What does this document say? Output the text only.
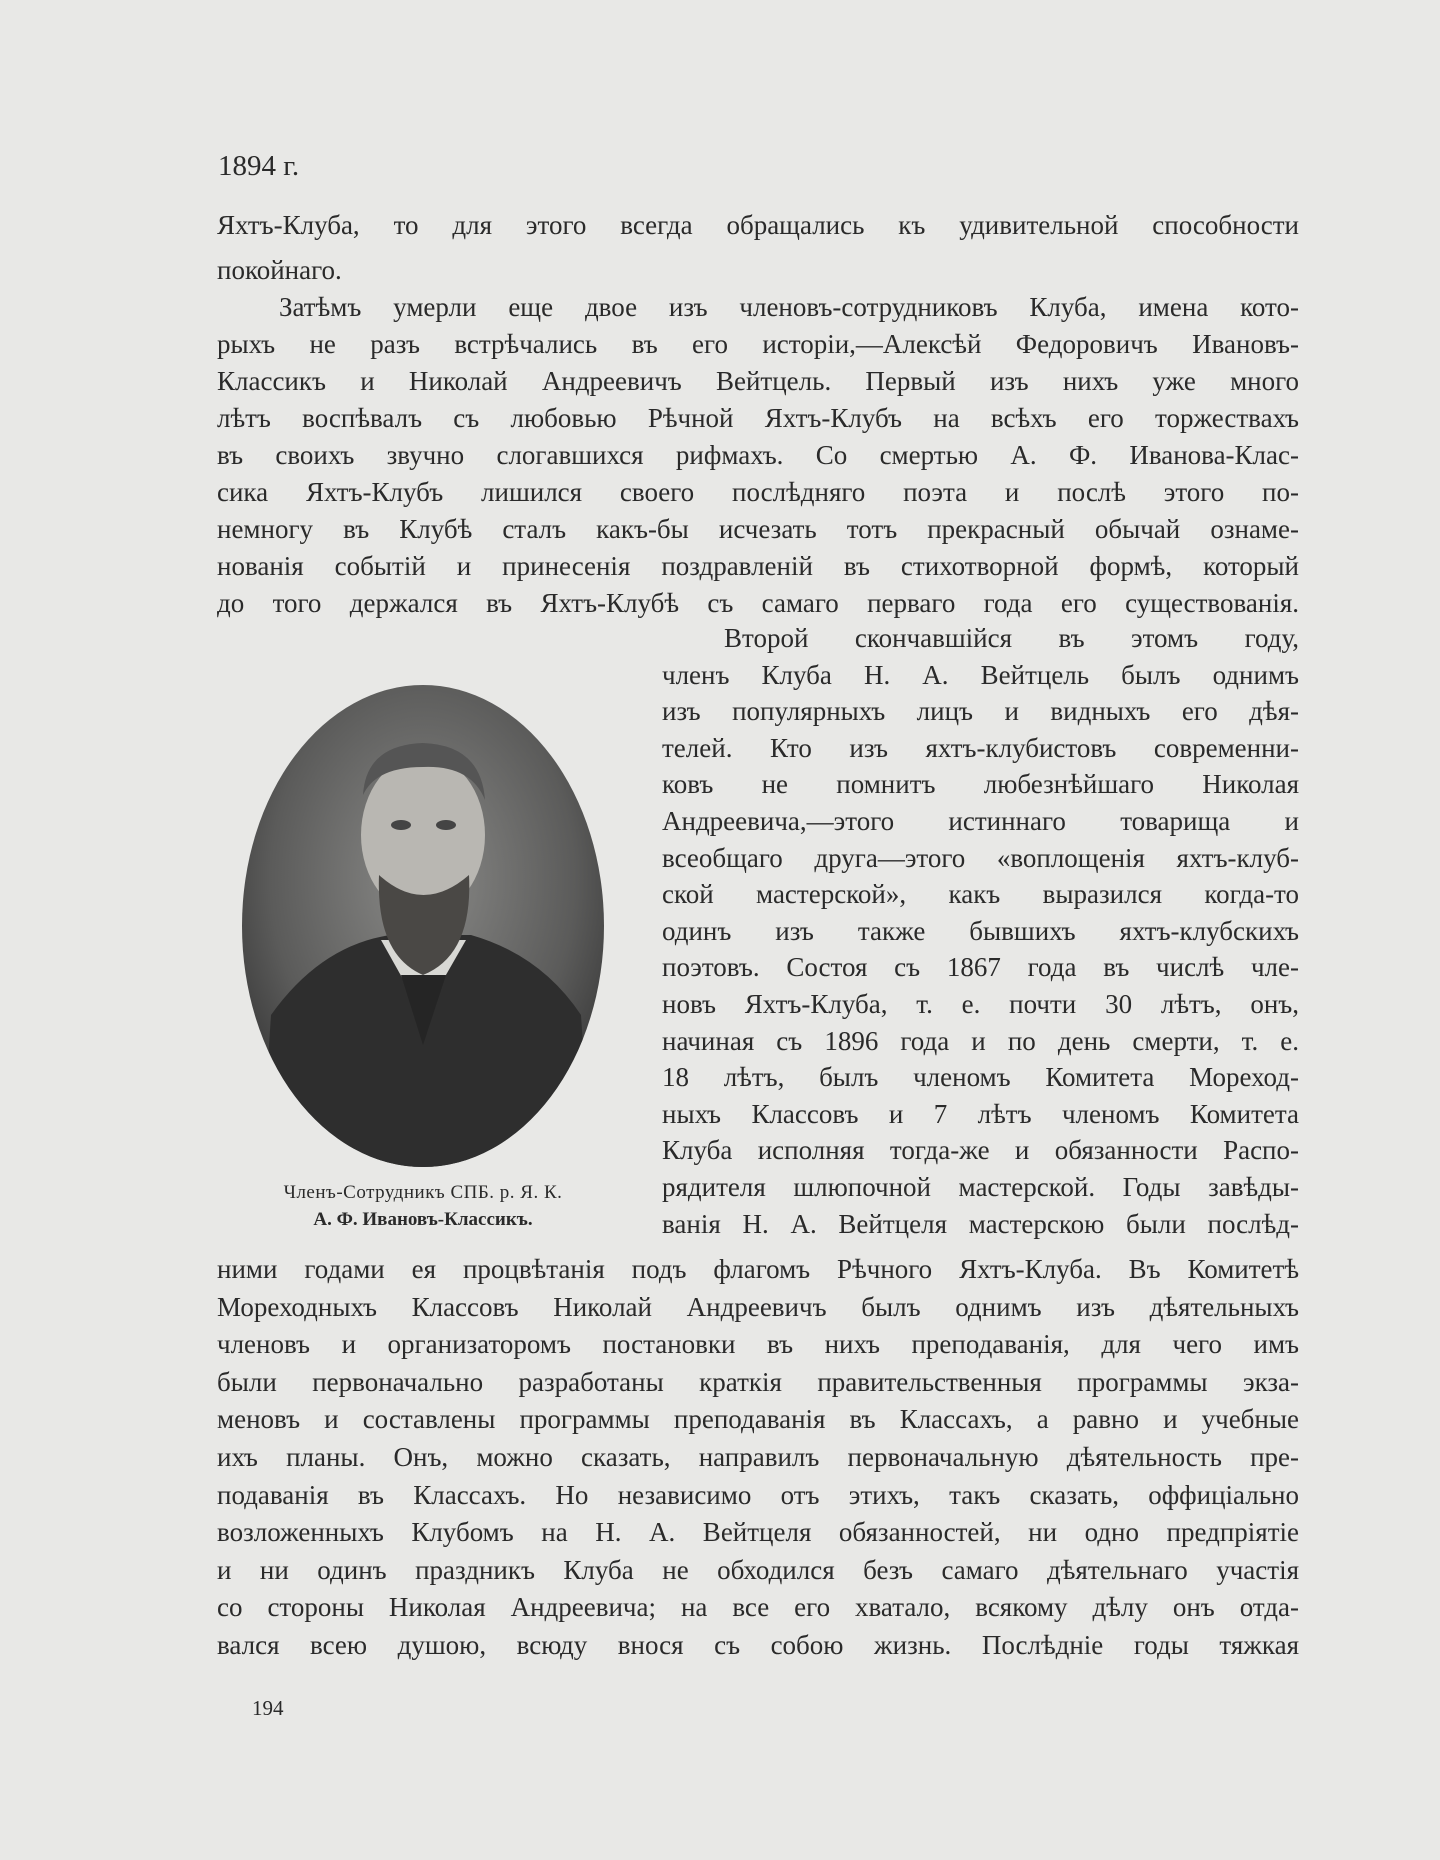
1894 г.
Яхтъ-Клуба, то для этого всегда обращались къ удивительной способности
покойнаго.
Затѣмъ умерли еще двое изъ членовъ-сотрудниковъ Клуба, имена кото-
рыхъ не разъ встрѣчались въ его исторіи,—Алексѣй Федоровичъ Ивановъ-
Классикъ и Николай Андреевичъ Вейтцель. Первый изъ нихъ уже много
лѣтъ воспѣвалъ съ любовью Рѣчной Яхтъ-Клубъ на всѣхъ его торжествахъ
въ своихъ звучно слогавшихся рифмахъ. Со смертью А. Ф. Иванова-Клас-
сика Яхтъ-Клубъ лишился своего послѣдняго поэта и послѣ этого по-
немногу въ Клубѣ сталъ какъ-бы исчезать тотъ прекрасный обычай ознаме-
нованія событій и принесенія поздравленій въ стихотворной формѣ, который
до того держался въ Яхтъ-Клубѣ съ самаго перваго года его существованія.
Членъ-Сотрудникъ СПБ. р. Я. К.
А. Ф. Ивановъ-Классикъ.
Второй скончавшійся въ этомъ году,
членъ Клуба Н. А. Вейтцель былъ однимъ
изъ популярныхъ лицъ и видныхъ его дѣя-
телей. Кто изъ яхтъ-клубистовъ современни-
ковъ не помнитъ любезнѣйшаго Николая
Андреевича,—этого истиннаго товарища и
всеобщаго друга—этого «воплощенія яхтъ-клуб-
ской мастерской», какъ выразился когда-то
одинъ изъ также бывшихъ яхтъ-клубскихъ
поэтовъ. Состоя съ 1867 года въ числѣ чле-
новъ Яхтъ-Клуба, т. е. почти 30 лѣтъ, онъ,
начиная съ 1896 года и по день смерти, т. е.
18 лѣтъ, былъ членомъ Комитета Мореход-
ныхъ Классовъ и 7 лѣтъ членомъ Комитета
Клуба исполняя тогда-же и обязанности Распо-
рядителя шлюпочной мастерской. Годы завѣды-
ванія Н. А. Вейтцеля мастерскою были послѣд-
ними годами ея процвѣтанія подъ флагомъ Рѣчного Яхтъ-Клуба. Въ Комитетѣ
Мореходныхъ Классовъ Николай Андреевичъ былъ однимъ изъ дѣятельныхъ
членовъ и организаторомъ постановки въ нихъ преподаванія, для чего имъ
были первоначально разработаны краткія правительственныя программы экза-
меновъ и составлены программы преподаванія въ Классахъ, а равно и учебные
ихъ планы. Онъ, можно сказать, направилъ первоначальную дѣятельность пре-
подаванія въ Классахъ. Но независимо отъ этихъ, такъ сказать, оффиціально
возложенныхъ Клубомъ на Н. А. Вейтцеля обязанностей, ни одно предпріятіе
и ни одинъ праздникъ Клуба не обходился безъ самаго дѣятельнаго участія
со стороны Николая Андреевича; на все его хватало, всякому дѣлу онъ отда-
вался всею душою, всюду внося съ собою жизнь. Послѣдніе годы тяжкая
194
